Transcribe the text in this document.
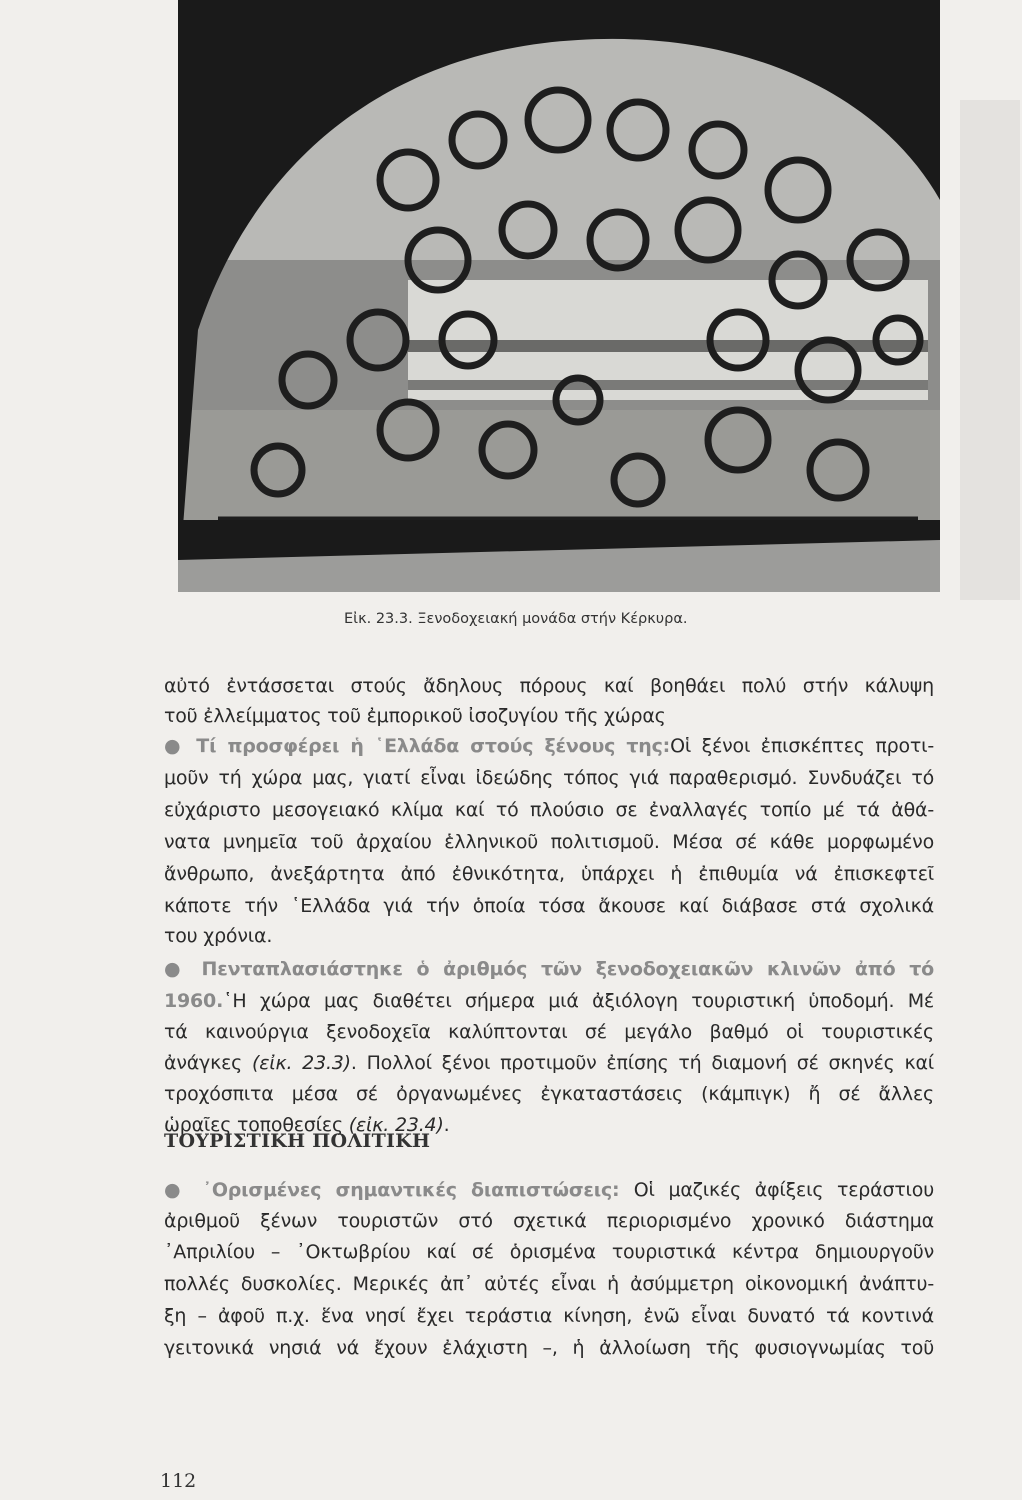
Εἰκ. 23.3. Ξενοδοχειακή μονάδα στήν Κέρκυρα.
αὐτό ἐντάσσεται στούς ἄδηλους πόρους καί βοηθάει πολύ στήν κάλυψη
τοῦ ἐλλείμματος τοῦ ἐμπορικοῦ ἰσοζυγίου τῆς χώρας
● Τί προσφέρει ἡ ῾Ελλάδα στούς ξένους της:Οἱ ξένοι ἐπισκέπτες προτι-
μοῦν τή χώρα μας, γιατί εἶναι ἰδεώδης τόπος γιά παραθερισμό. Συνδυάζει τό
εὐχάριστο μεσογειακό κλίμα καί τό πλούσιο σε ἐναλλαγές τοπίο μέ τά ἀθά-
νατα μνημεῖα τοῦ ἀρχαίου ἑλληνικοῦ πολιτισμοῦ. Μέσα σέ κάθε μορφωμένο
ἄνθρωπο, ἀνεξάρτητα ἀπό ἐθνικότητα, ὑπάρχει ἡ ἐπιθυμία νά ἐπισκεφτεῖ
κάποτε τήν ῾Ελλάδα γιά τήν ὁποία τόσα ἄκουσε καί διάβασε στά σχολικά
του χρόνια.
● Πενταπλασιάστηκε ὁ ἀριθμός τῶν ξενοδοχειακῶν κλινῶν ἀπό τό
1960.῾Η χώρα μας διαθέτει σήμερα μιά ἀξιόλογη τουριστική ὑποδομή. Μέ
τά καινούργια ξενοδοχεῖα καλύπτονται σέ μεγάλο βαθμό οἱ τουριστικές
ἀνάγκες (εἰκ. 23.3). Πολλοί ξένοι προτιμοῦν ἐπίσης τή διαμονή σέ σκηνές καί
τροχόσπιτα μέσα σέ ὀργανωμένες ἐγκαταστάσεις (κάμπιγκ) ἤ σέ ἄλλες
ὡραῖες τοποθεσίες (εἰκ. 23.4).
ΤΟΥΡΙΣΤΙΚΗ ΠΟΛΙΤΙΚΗ
● ᾿Ορισμένες σημαντικές διαπιστώσεις: Οἱ μαζικές ἀφίξεις τεράστιου
ἀριθμοῦ ξένων τουριστῶν στό σχετικά περιορισμένο χρονικό διάστημα
᾿Απριλίου – ᾿Οκτωβρίου καί σέ ὁρισμένα τουριστικά κέντρα δημιουργοῦν
πολλές δυσκολίες. Μερικές ἀπ᾿ αὐτές εἶναι ἡ ἀσύμμετρη οἰκονομική ἀνάπτυ-
ξη – ἀφοῦ π.χ. ἕνα νησί ἔχει τεράστια κίνηση, ἐνῶ εἶναι δυνατό τά κοντινά
γειτονικά νησιά νά ἔχουν ἐλάχιστη –, ἡ ἀλλοίωση τῆς φυσιογνωμίας τοῦ
112
